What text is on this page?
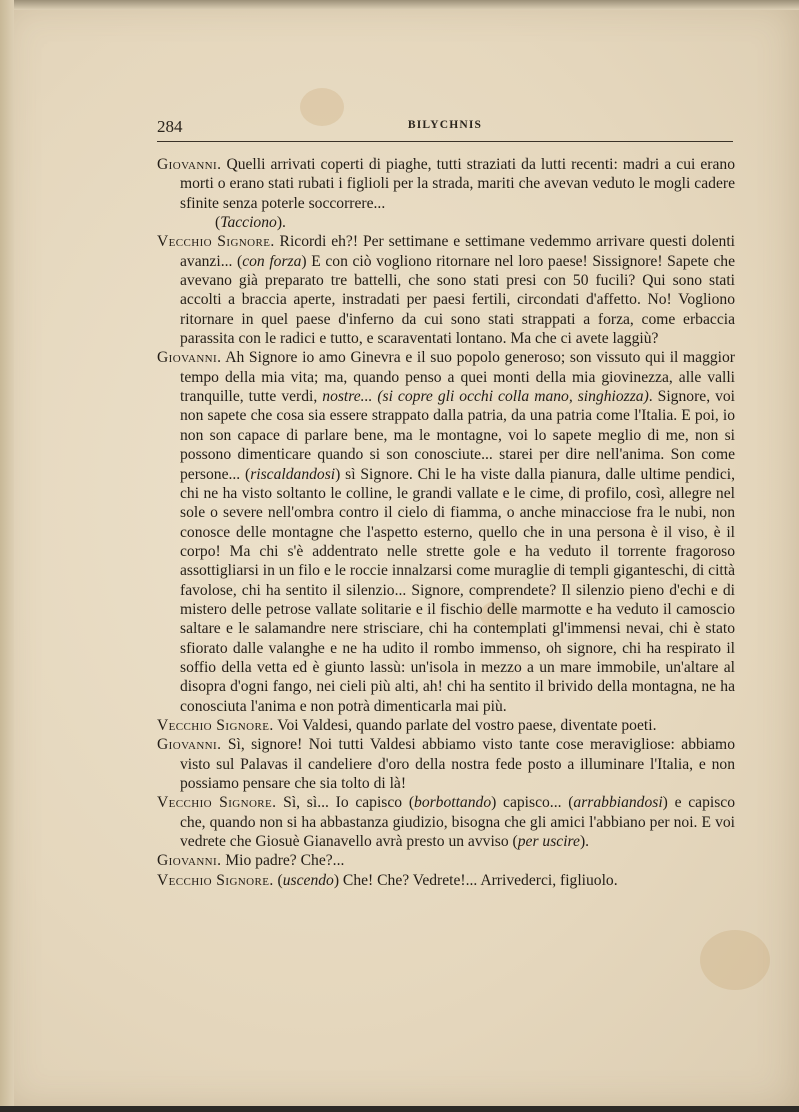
284	BILYCHNIS
Giovanni. Quelli arrivati coperti di piaghe, tutti straziati da lutti recenti: madri a cui erano morti o erano stati rubati i figlioli per la strada, mariti che avevan veduto le mogli cadere sfinite senza poterle soccorrere...
(Tacciono).
Vecchio Signore. Ricordi eh?! Per settimane e settimane vedemmo arrivare questi dolenti avanzi... (con forza) E con ciò vogliono ritornare nel loro paese! Sissignore! Sapete che avevano già preparato tre battelli, che sono stati presi con 50 fucili? Qui sono stati accolti a braccia aperte, instradati per paesi fertili, circondati d'affetto. No! Vogliono ritornare in quel paese d'inferno da cui sono stati strappati a forza, come erbaccia parassita con le radici e tutto, e scaraventati lontano. Ma che ci avete laggiù?
Giovanni. Ah Signore io amo Ginevra e il suo popolo generoso; son vissuto qui il maggior tempo della mia vita; ma, quando penso a quei monti della mia giovinezza, alle valli tranquille, tutte verdi, nostre... (si copre gli occhi colla mano, singhiozza). Signore, voi non sapete che cosa sia essere strappato dalla patria, da una patria come l'Italia. E poi, io non son capace di parlare bene, ma le montagne, voi lo sapete meglio di me, non si possono dimenticare quando si son conosciute... starei per dire nell'anima. Son come persone... (riscaldandosi) sì Signore. Chi le ha viste dalla pianura, dalle ultime pendici, chi ne ha visto soltanto le colline, le grandi vallate e le cime, di profilo, così, allegre nel sole o severe nell'ombra contro il cielo di fiamma, o anche minacciose fra le nubi, non conosce delle montagne che l'aspetto esterno, quello che in una persona è il viso, è il corpo! Ma chi s'è addentrato nelle strette gole e ha veduto il torrente fragoroso assottigliarsi in un filo e le roccie innalzarsi come muraglie di templi giganteschi, di città favolose, chi ha sentito il silenzio... Signore, comprendete? Il silenzio pieno d'echi e di mistero delle petrose vallate solitarie e il fischio delle marmotte e ha veduto il camoscio saltare e le salamandre nere strisciare, chi ha contemplati gl'immensi nevai, chi è stato sfiorato dalle valanghe e ne ha udito il rombo immenso, oh signore, chi ha respirato il soffio della vetta ed è giunto lassù: un'isola in mezzo a un mare immobile, un'altare al disopra d'ogni fango, nei cieli più alti, ah! chi ha sentito il brivido della montagna, ne ha conosciuta l'anima e non potrà dimenticarla mai più.
Vecchio Signore. Voi Valdesi, quando parlate del vostro paese, diventate poeti.
Giovanni. Sì, signore! Noi tutti Valdesi abbiamo visto tante cose meravigliose: abbiamo visto sul Palavas il candeliere d'oro della nostra fede posto a illuminare l'Italia, e non possiamo pensare che sia tolto di là!
Vecchio Signore. Sì, sì... Io capisco (borbottando) capisco... (arrabbiandosi) e capisco che, quando non si ha abbastanza giudizio, bisogna che gli amici l'abbiano per noi. E voi vedrete che Giosuè Gianavello avrà presto un avviso (per uscire).
Giovanni. Mio padre? Che?...
Vecchio Signore. (uscendo) Che! Che? Vedrete!... Arrivederci, figliuolo.
